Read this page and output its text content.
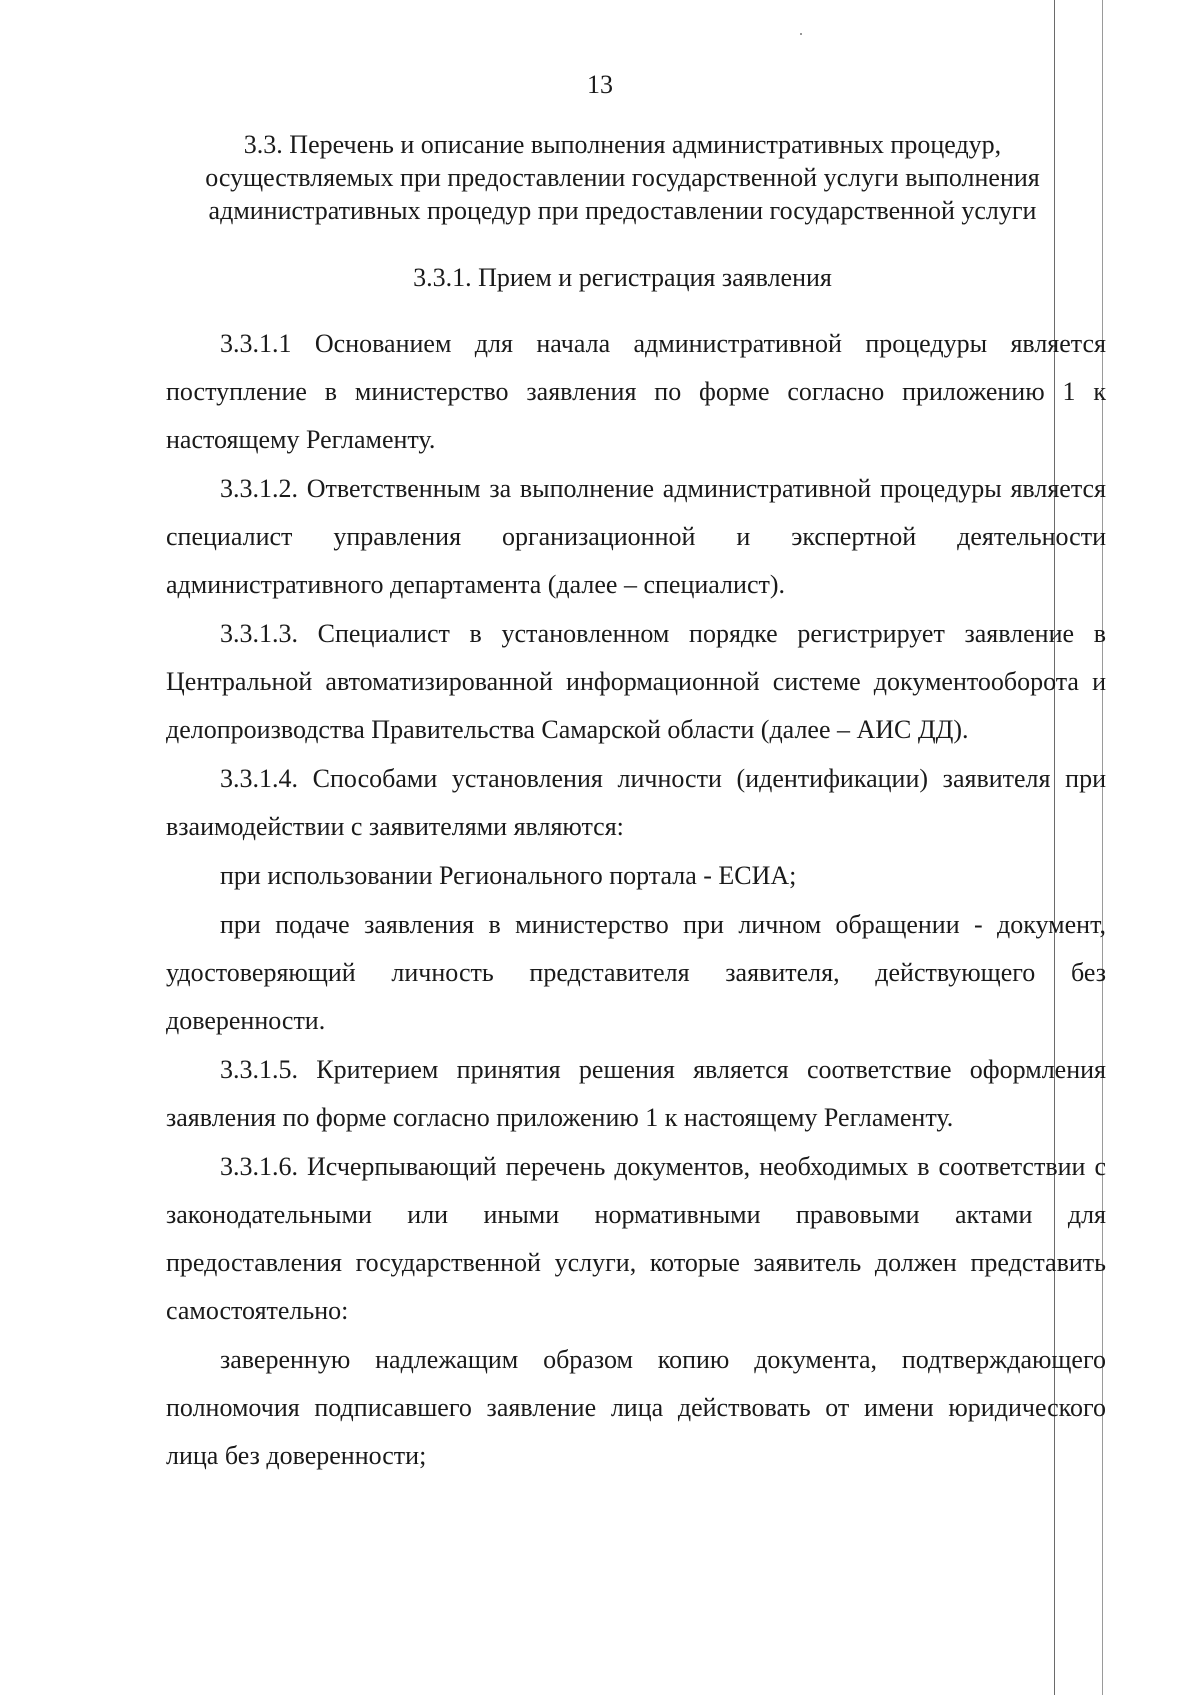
13
3.3. Перечень и описание выполнения административных процедур,
осуществляемых при предоставлении государственной услуги выполнения
административных процедур при предоставлении государственной услуги
3.3.1. Прием и регистрация заявления

3.3.1.1 Основанием для начала административной процедуры является поступление в министерство заявления по форме согласно приложению 1 к настоящему Регламенту.

3.3.1.2. Ответственным за выполнение административной процедуры является специалист управления организационной и экспертной деятельности административного департамента (далее – специалист).

3.3.1.3. Специалист в установленном порядке регистрирует заявление в Центральной автоматизированной информационной системе документооборота и делопроизводства Правительства Самарской области (далее – АИС ДД).

3.3.1.4. Способами установления личности (идентификации) заявителя при взаимодействии с заявителями являются:

при использовании Регионального портала - ЕСИА;

при подаче заявления в министерство при личном обращении - документ, удостоверяющий личность представителя заявителя, действующего без доверенности.

3.3.1.5. Критерием принятия решения является соответствие оформления заявления по форме согласно приложению 1 к настоящему Регламенту.

3.3.1.6. Исчерпывающий перечень документов, необходимых в соответствии с законодательными или иными нормативными правовыми актами для предоставления государственной услуги, которые заявитель должен представить самостоятельно:

заверенную надлежащим образом копию документа, подтверждающего полномочия подписавшего заявление лица действовать от имени юридического лица без доверенности;
